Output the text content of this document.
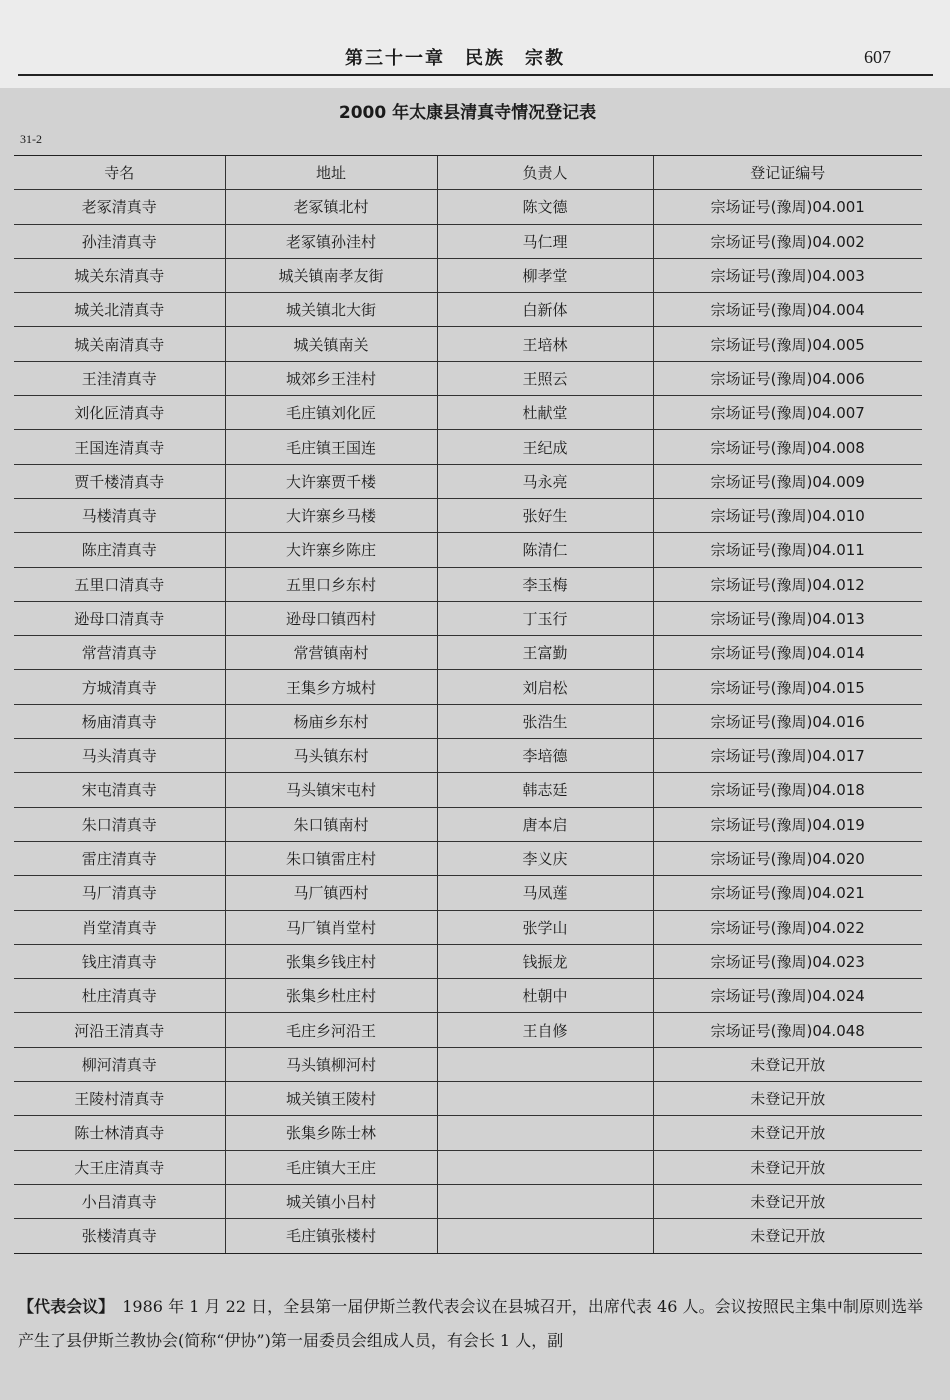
第三十一章　民族　宗教	607
2000 年太康县清真寺情况登记表
31-2
寺名	地址	负责人	登记证编号
老冢清真寺	老冢镇北村	陈文德	宗场证号(豫周)04.001
孙洼清真寺	老冢镇孙洼村	马仁理	宗场证号(豫周)04.002
城关东清真寺	城关镇南孝友街	柳孝堂	宗场证号(豫周)04.003
城关北清真寺	城关镇北大街	白新体	宗场证号(豫周)04.004
城关南清真寺	城关镇南关	王培林	宗场证号(豫周)04.005
王洼清真寺	城郊乡王洼村	王照云	宗场证号(豫周)04.006
刘化匠清真寺	毛庄镇刘化匠	杜献堂	宗场证号(豫周)04.007
王国连清真寺	毛庄镇王国连	王纪成	宗场证号(豫周)04.008
贾千楼清真寺	大许寨贾千楼	马永亮	宗场证号(豫周)04.009
马楼清真寺	大许寨乡马楼	张好生	宗场证号(豫周)04.010
陈庄清真寺	大许寨乡陈庄	陈清仁	宗场证号(豫周)04.011
五里口清真寺	五里口乡东村	李玉梅	宗场证号(豫周)04.012
逊母口清真寺	逊母口镇西村	丁玉行	宗场证号(豫周)04.013
常营清真寺	常营镇南村	王富勤	宗场证号(豫周)04.014
方城清真寺	王集乡方城村	刘启松	宗场证号(豫周)04.015
杨庙清真寺	杨庙乡东村	张浩生	宗场证号(豫周)04.016
马头清真寺	马头镇东村	李培德	宗场证号(豫周)04.017
宋屯清真寺	马头镇宋屯村	韩志廷	宗场证号(豫周)04.018
朱口清真寺	朱口镇南村	唐本启	宗场证号(豫周)04.019
雷庄清真寺	朱口镇雷庄村	李义庆	宗场证号(豫周)04.020
马厂清真寺	马厂镇西村	马凤莲	宗场证号(豫周)04.021
肖堂清真寺	马厂镇肖堂村	张学山	宗场证号(豫周)04.022
钱庄清真寺	张集乡钱庄村	钱振龙	宗场证号(豫周)04.023
杜庄清真寺	张集乡杜庄村	杜朝中	宗场证号(豫周)04.024
河沿王清真寺	毛庄乡河沿王	王自修	宗场证号(豫周)04.048
柳河清真寺	马头镇柳河村		未登记开放
王陵村清真寺	城关镇王陵村		未登记开放
陈士林清真寺	张集乡陈士林		未登记开放
大王庄清真寺	毛庄镇大王庄		未登记开放
小吕清真寺	城关镇小吕村		未登记开放
张楼清真寺	毛庄镇张楼村		未登记开放
【代表会议】　1986 年 1 月 22 日，全县第一届伊斯兰教代表会议在县城召开，出席代表 46 人。会议按照民主集中制原则选举产生了县伊斯兰教协会(简称“伊协”)第一届委员会组成人员，有会长 1 人，副
